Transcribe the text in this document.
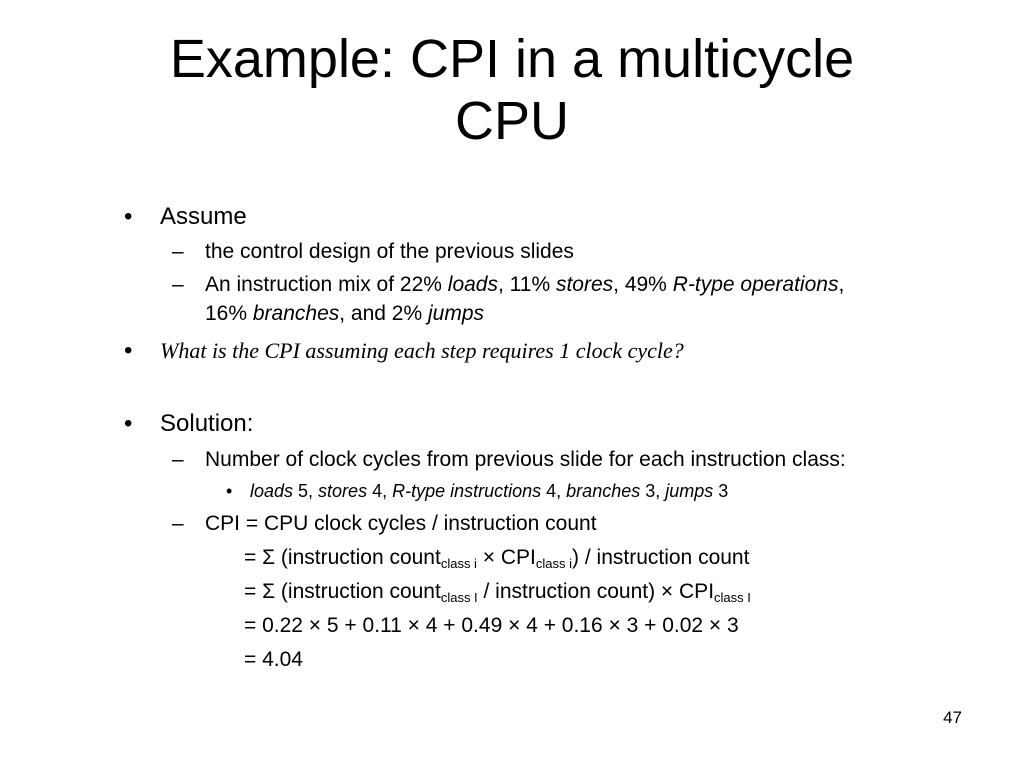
Example: CPI in a multicycle
CPU
• Assume
– the control design of the previous slides
– An instruction mix of 22% loads, 11% stores, 49% R-type operations,
16% branches, and 2% jumps
• What is the CPI assuming each step requires 1 clock cycle?
• Solution:
– Number of clock cycles from previous slide for each instruction class:
• loads 5, stores 4, R-type instructions 4, branches 3, jumps 3
– CPI = CPU clock cycles / instruction count
= Σ (instruction count$_{class i}$ × $CPI_{class i}$) / instruction count
= Σ (instruction count$_{class I}$ / instruction count) × $CPI_{class I}$
= 0.22 × 5 + 0.11 × 4 + 0.49 × 4 + 0.16 × 3 + 0.02 × 3
= 4.04
47
